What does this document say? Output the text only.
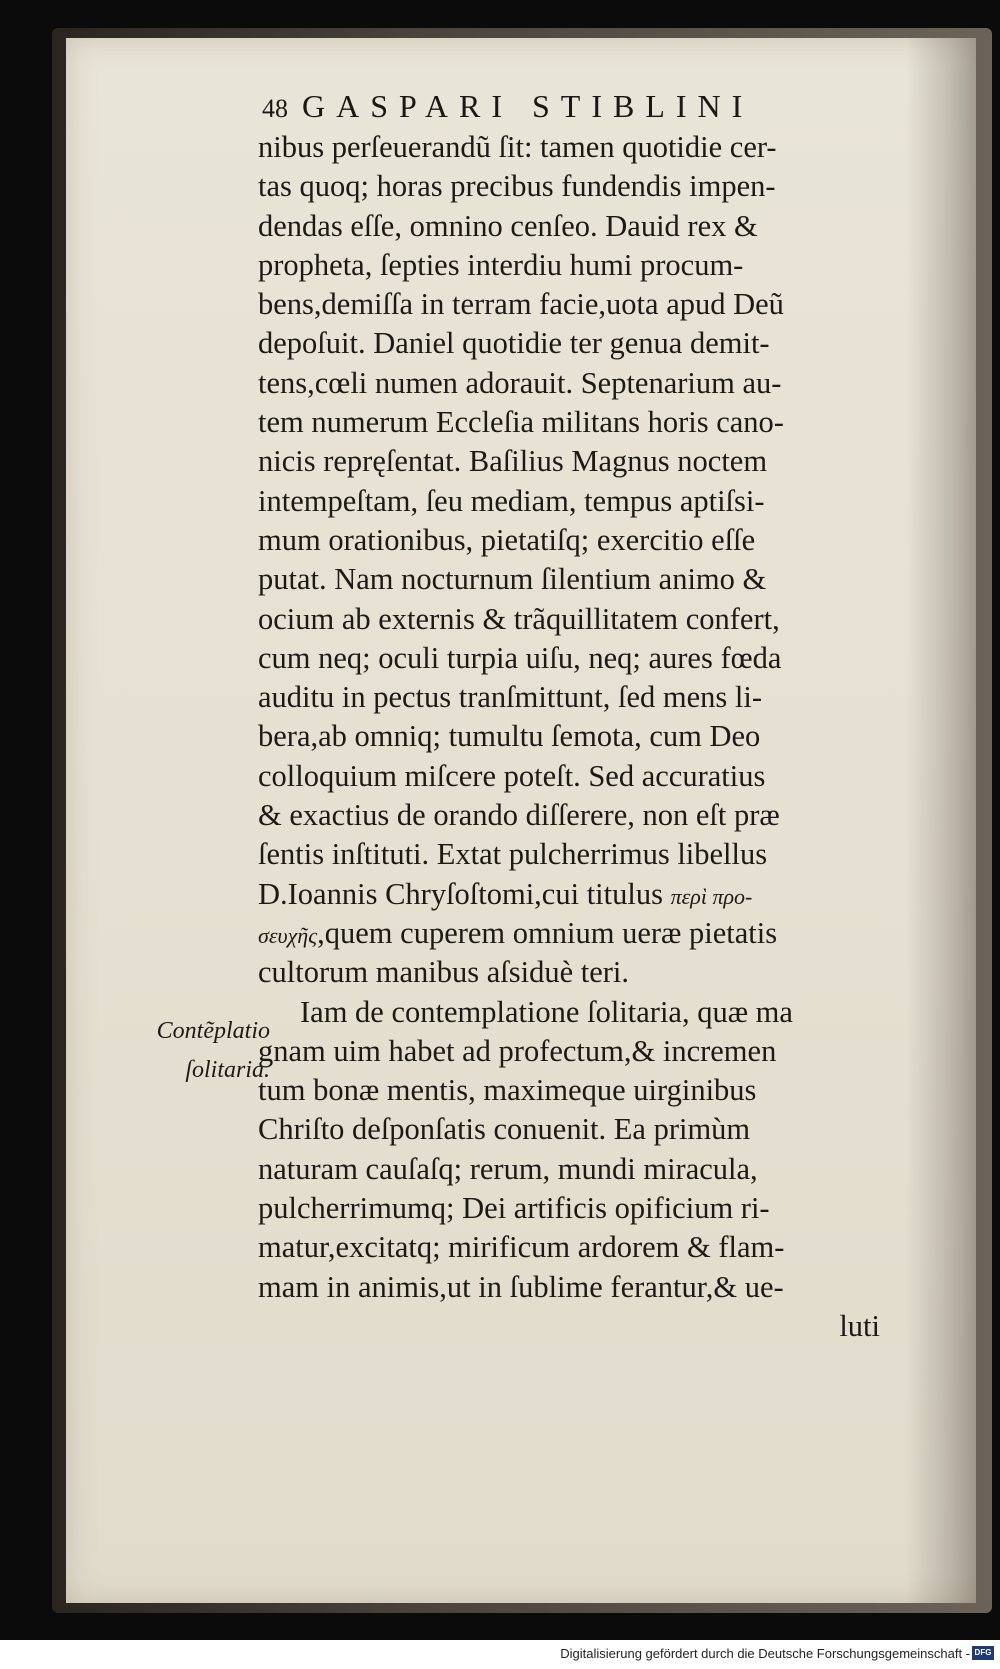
48 GASPARI STIBLINI
nibus perſeuerandũ ſit: tamen quotidie cer-
tas quoq; horas precibus fundendis impen-
dendas eſſe, omnino cenſeo. Dauid rex &
propheta, ſepties interdiu humi procum-
bens,demiſſa in terram facie,uota apud Deũ
depoſuit. Daniel quotidie ter genua demit-
tens,cœli numen adorauit. Septenarium au-
tem numerum Eccleſia militans horis cano-
nicis repręſentat. Baſilius Magnus noctem
intempeſtam, ſeu mediam, tempus aptiſsi-
mum orationibus, pietatiſq; exercitio eſſe
putat. Nam nocturnum ſilentium animo &
ocium ab externis & trãquillitatem confert,
cum neq; oculi turpia uiſu, neq; aures fœda
auditu in pectus tranſmittunt, ſed mens li-
bera,ab omniq; tumultu ſemota, cum Deo
colloquium miſcere poteſt. Sed accuratius
& exactius de orando diſſerere, non eſt præ
ſentis inſtituti. Extat pulcherrimus libellus
D.Ioannis Chryſoſtomi,cui titulus περὶ προ-
σευχῆς,quem cuperem omnium ueræ pietatis
cultorum manibus aſsiduè teri.
Iam de contemplatione ſolitaria, quæ ma
gnam uim habet ad profectum,& incremen
tum bonæ mentis, maximeque uirginibus
Chriſto deſponſatis conuenit. Ea primùm
naturam cauſaſq; rerum, mundi miracula,
pulcherrimumq; Dei artificis opificium ri-
matur,excitatq; mirificum ardorem & flam-
mam in animis,ut in ſublime ferantur,& ue-
luti
Contẽplatio
ſolitaria.
Digitalisierung gefördert durch die Deutsche Forschungsgemeinschaft - DFG
